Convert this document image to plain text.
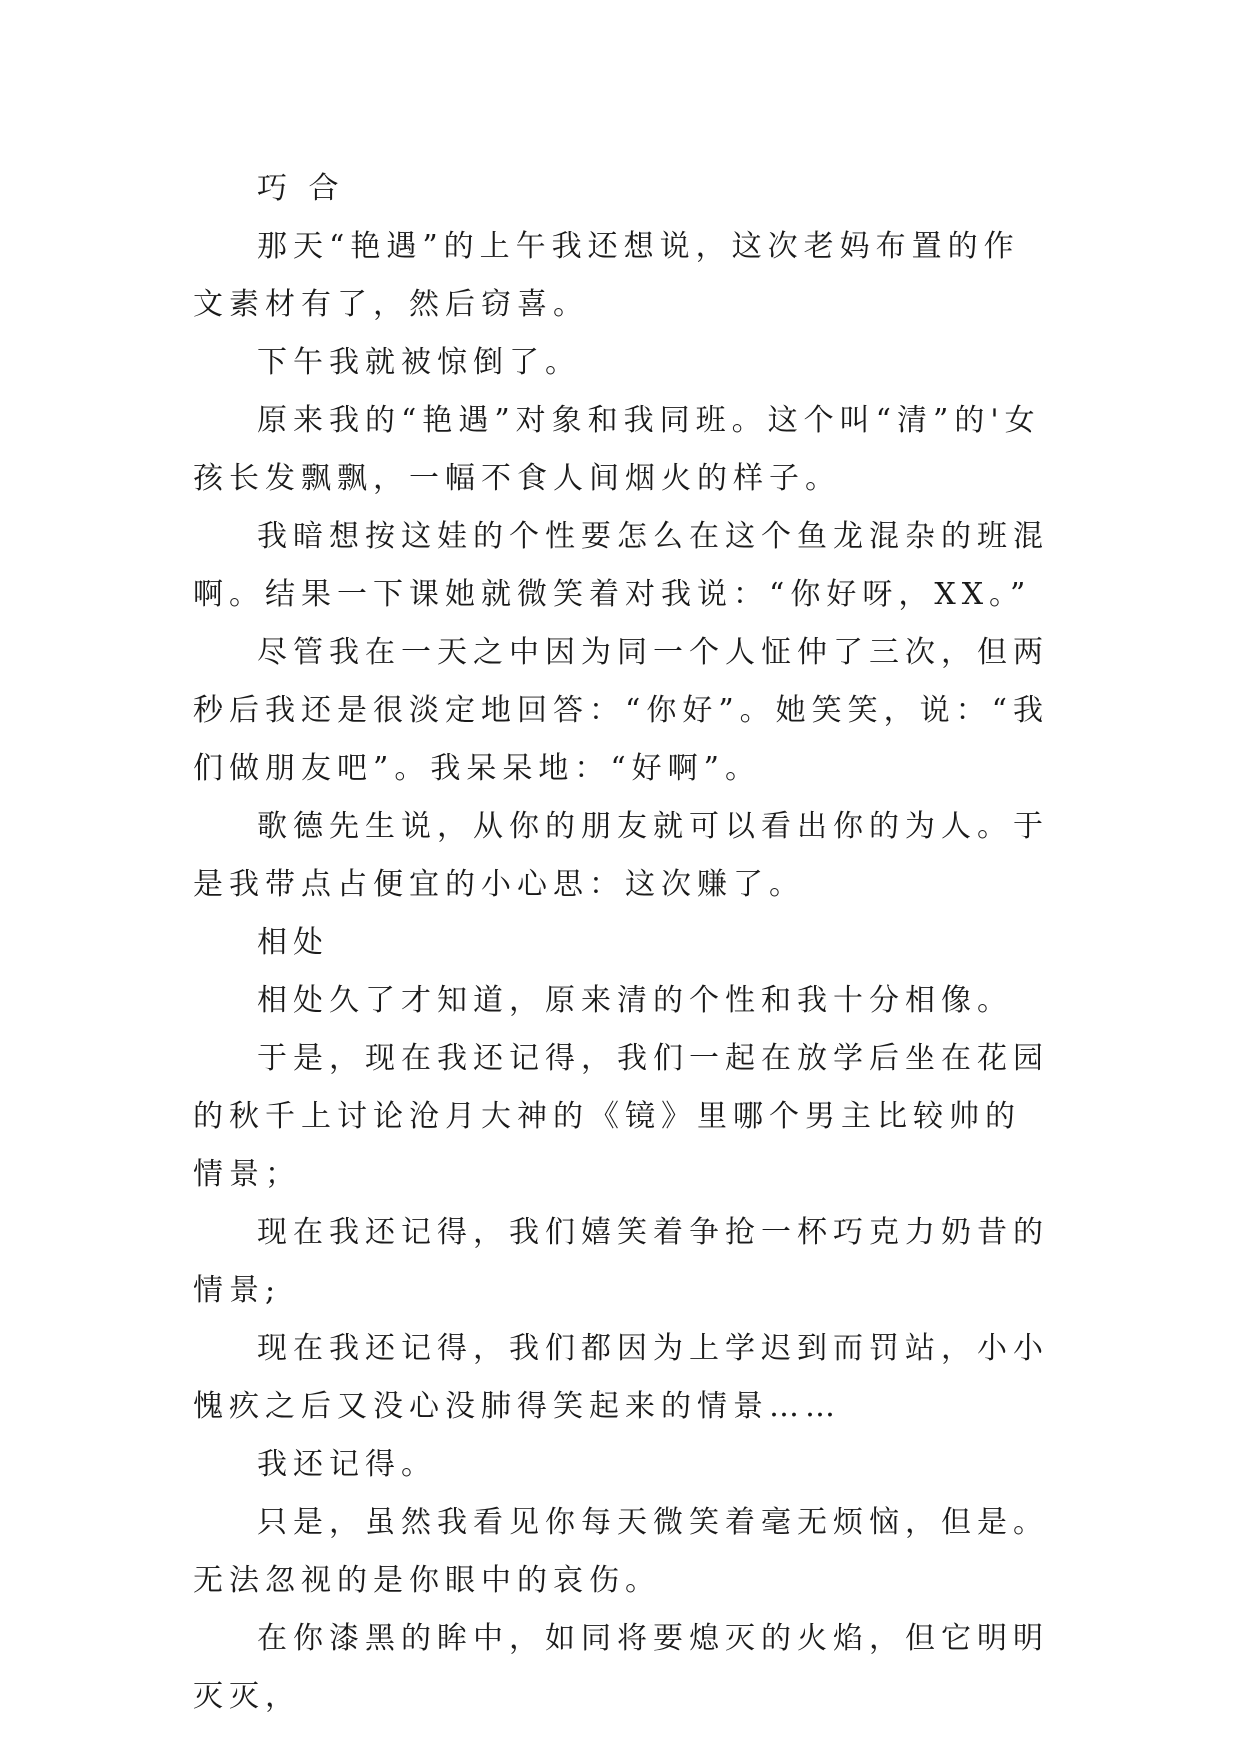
巧 合

那天“艳遇”的上午我还想说，这次老妈布置的作文素材有了，然后窃喜。

下午我就被惊倒了。

原来我的“艳遇”对象和我同班。这个叫“清”的'女孩长发飘飘，一幅不食人间烟火的样子。

我暗想按这娃的个性要怎么在这个鱼龙混杂的班混啊。结果一下课她就微笑着对我说：“你好呀，XX。”

尽管我在一天之中因为同一个人怔仲了三次，但两秒后我还是很淡定地回答：“你好”。她笑笑，说：“我们做朋友吧”。我呆呆地：“好啊”。

歌德先生说，从你的朋友就可以看出你的为人。于是我带点占便宜的小心思：这次赚了。

相处

相处久了才知道，原来清的个性和我十分相像。

于是，现在我还记得，我们一起在放学后坐在花园的秋千上讨论沧月大神的《镜》里哪个男主比较帅的情景；

现在我还记得，我们嬉笑着争抢一杯巧克力奶昔的情景;

现在我还记得，我们都因为上学迟到而罚站，小小愧疚之后又没心没肺得笑起来的情景……

我还记得。

只是，虽然我看见你每天微笑着毫无烦恼，但是。无法忽视的是你眼中的哀伤。

在你漆黑的眸中，如同将要熄灭的火焰，但它明明灭灭，
